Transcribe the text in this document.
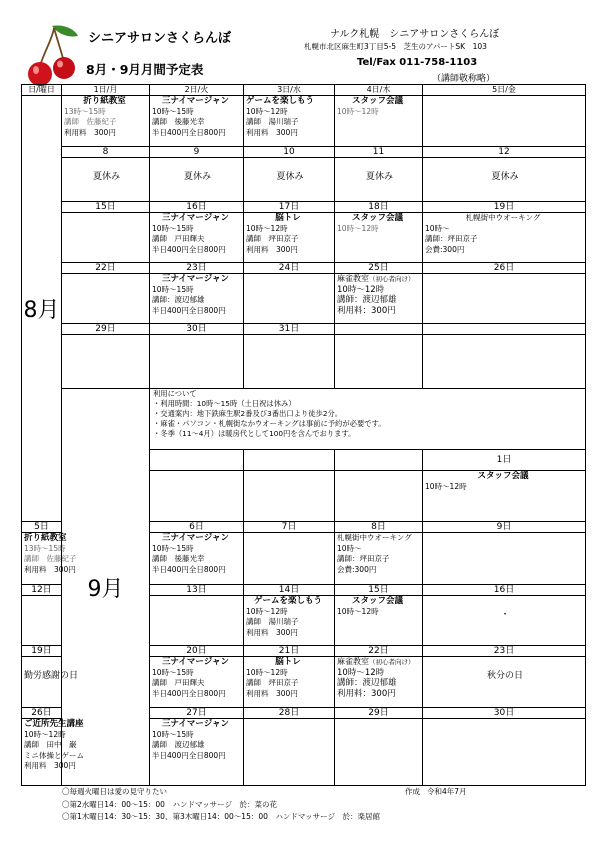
シニアサロンさくらんぼ
8月・9月月間予定表
ナルク札幌　シニアサロンさくらんぼ
札幌市北区麻生町3丁目5-5　芝生のアパートSK　103
Tel/Fax 011-758-1103
（講師敬称略）
日/曜日	1日/月	2日/火	3日/水	4日/木	5日/金	
8月	折り紙教室
13時～15時
講師　佐藤紀子
利用料　300円	三ナイマージャン
10時～15時
講師　後藤光幸
半日400円全日800円	ゲームを楽しもう
10時～12時
講師　湯川瑞子
利用料　300円	スタッフ会議
10時～12時		
	8	9	10	11	12	

	夏休み	夏休み	夏休み	夏休み	夏休み	

	15日	16日	17日	18日	19日	

		三ナイマージャン
10時～15時
講師　戸田輝夫
半日400円全日800円	脳トレ
10時～12時
講師　坪田京子
利用料　300円	スタッフ会議
10時～12時	札幌街中ウオーキング
10時～
講師：坪田京子
会費:300円	
	22日	23日	24日	25日	26日	

		三ナイマージャン
10時～15時
講師：渡辺郁雄
半日400円全日800円		麻雀教室（初心者向け）
10時～12時
講師：渡辺郁雄
利用料：300円		
	29日	30日	31日			

	9月	利用について
・利用時間：10時～15時（土日祝は休み）
・交通案内：地下鉄麻生駅2番及び3番出口より徒歩2分。
・麻雀・パソコン・札幌街なかウオーキングは事前に予約が必要です。
・冬季（11～4月）は暖房代として100円を含んでおります。				
					1日	

					スタッフ会議
10時～12時	
5日		6日	7日	8日	9日	

折り紙教室
13時～15時
講師　佐藤紀子
利用料　300円		三ナイマージャン
10時～15時
講師　後藤光幸
半日400円全日800円		札幌街中ウオーキング
10時～
講師：坪田京子
会費:300円		
12日		13日	14日	15日	16日	

			ゲームを楽しもう
10時～12時
講師　湯川瑞子
利用料　300円	スタッフ会議
10時～12時	・	

19日		20日	21日	22日	23日	

勤労感謝の日		三ナイマージャン
10時～15時
講師　戸田輝夫
半日400円全日800円	脳トレ
10時～12時
講師　坪田京子
利用料　300円	麻雀教室（初心者向け）
10時～12時
講師：渡辺郁雄
利用料：300円	秋分の日	

26日		27日	28日	29日	30日	

ご近所先生講座
10時～12時
講師　田中　巌
ミニ体操とゲーム
利用料　300円		三ナイマージャン
10時～15時
講師　渡辺郁雄
半日400円全日800円				
〇毎週火曜日は愛の見守りたい
〇第2水曜日14：00～15：00　ハンドマッサージ　於：菜の花
〇第1木曜日14：30～15：30、第3木曜日14：00～15：00　ハンドマッサージ　於：楽居館
作成 令和4年7月
